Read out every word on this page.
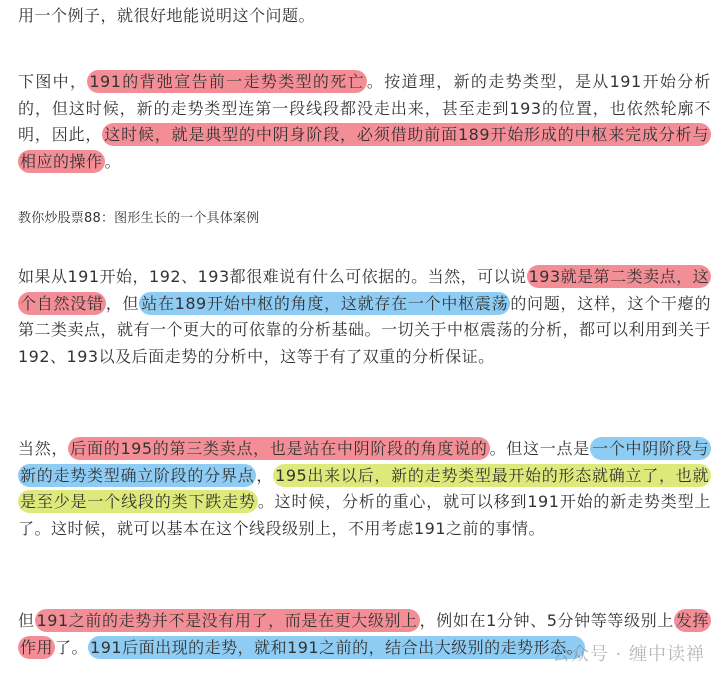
用一个例子，就很好地能说明这个问题。

下图中， 191的背弛宣告前一走势类型的死亡 。按道理，新的走势类型，是从191开始分析的，但这时候，新的走势类型连第一段线段都没走出来，甚至走到193的位置，也依然轮廓不明，因此， 这时候，就是典型的中阴身阶段，必须借助前面189开始形成的中枢来完成分析与相应的操作 。

教你炒股票88：图形生长的一个具体案例

如果从191开始，192、193都很难说有什么可依据的。当然，可以说 193就是第二类卖点，这个自然没错 ，但 站在189开始中枢的角度，这就存在一个中枢震荡 的问题，这样，这个干瘪的第二类卖点，就有一个更大的可依靠的分析基础。一切关于中枢震荡的分析，都可以利用到关于192、193以及后面走势的分析中，这等于有了双重的分析保证。

当然， 后面的195的第三类卖点，也是站在中阴阶段的角度说的 。但这一点是 一个中阴阶段与新的走势类型确立阶段的分界点 ， 195出来以后，新的走势类型最开始的形态就确立了，也就是至少是一个线段的类下跌走势 。这时候，分析的重心，就可以移到191开始的新走势类型上了。这时候，就可以基本在这个线段级别上，不用考虑191之前的事情。

但 191之前的走势并不是没有用了，而是在更大级别上 ，例如在1分钟、5分钟等等级别上 发挥作用 了。 191后面出现的走势，就和191之前的，结合出大级别的走势形态。

公众号 · 缠中读禅
